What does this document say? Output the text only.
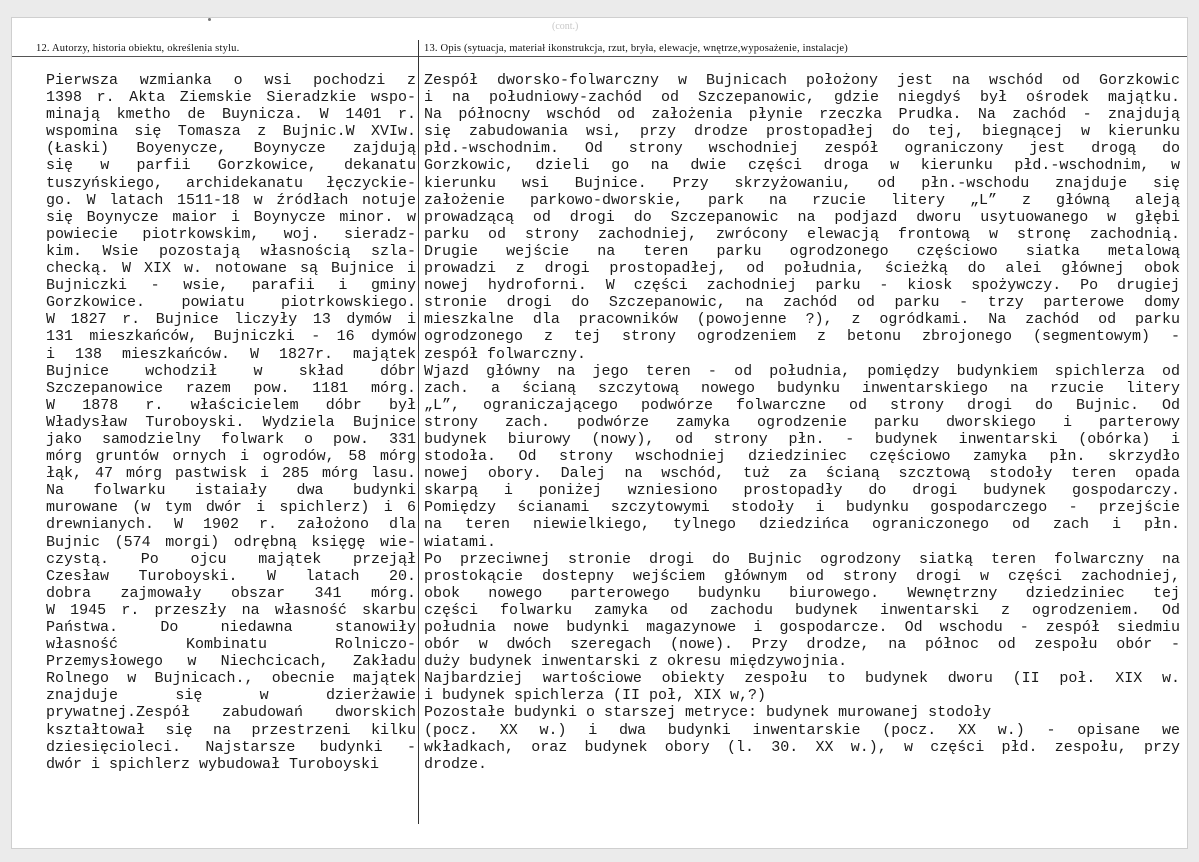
(cont.)
12. Autorzy, historia obiektu, określenia stylu.	13. Opis (sytuacja, materiał ikonstrukcja, rzut, bryła, elewacje, wnętrze,wyposażenie, instalacje)
Pierwsza wzmianka o wsi pochodzi z
1398 r. Akta Ziemskie Sieradzkie wspo-
minają kmetho de Buynicza. W 1401 r.
wspomina się Tomasza z Bujnic.W XVIw.
(Łaski) Boyenycze, Boynycze zajdują
się w parfii Gorzkowice, dekanatu
tuszyńskiego, archidekanatu łęczyckie-
go. W latach 1511-18 w źródłach notuje
się Boynycze maior i Boynycze minor. w
powiecie piotrkowskim, woj. sieradz-
kim. Wsie pozostają własnością szla-
checką. W XIX w. notowane są Bujnice i
Bujniczki - wsie, parafii i gminy
Gorzkowice. powiatu piotrkowskiego.
W 1827 r. Bujnice liczyły 13 dymów i
131 mieszkańców, Bujniczki - 16 dymów
i 138 mieszkańców. W 1827r. majątek
Bujnice wchodził w skład dóbr
Szczepanowice razem pow. 1181 mórg.
W 1878 r. właścicielem dóbr był
Władysław Turoboyski. Wydziela Bujnice
jako samodzielny folwark o pow. 331
mórg gruntów ornych i ogrodów, 58 mórg
łąk, 47 mórg pastwisk i 285 mórg lasu.
Na folwarku istaiały dwa budynki
murowane (w tym dwór i spichlerz) i 6
drewnianych. W 1902 r. założono dla
Bujnic (574 morgi) odrębną księgę wie-
czystą. Po ojcu majątek przejął
Czesław Turoboyski. W latach 20.
dobra zajmowały obszar 341 mórg.
W 1945 r. przeszły na własność skarbu
Państwa. Do niedawna stanowiły
własność Kombinatu Rolniczo-
Przemysłowego w Niechcicach, Zakładu
Rolnego w Bujnicach., obecnie majątek
znajduje się w dzierżawie
prywatnej.Zespół zabudowań dworskich
kształtował się na przestrzeni kilku
dziesięcioleci. Najstarsze budynki -
dwór i spichlerz wybudował Turoboyski
Zespół dworsko-folwarczny w Bujnicach położony jest na wschód od Gorzkowic
i na południowy-zachód od Szczepanowic, gdzie niegdyś był ośrodek majątku.
Na północny wschód od założenia płynie rzeczka Prudka. Na zachód - znajdują
się zabudowania wsi, przy drodze prostopadłej do tej, biegnącej w kierunku
płd.-wschodnim. Od strony wschodniej zespół ograniczony jest drogą do
Gorzkowic, dzieli go na dwie części droga w kierunku płd.-wschodnim, w
kierunku wsi Bujnice. Przy skrzyżowaniu, od płn.-wschodu znajduje się
założenie parkowo-dworskie, park na rzucie litery „L” z główną aleją
prowadzącą od drogi do Szczepanowic na podjazd dworu usytuowanego w głębi
parku od strony zachodniej, zwrócony elewacją frontową w stronę zachodnią.
Drugie wejście na teren parku ogrodzonego częściowo siatka metalową
prowadzi z drogi prostopadłej, od południa, ścieżką do alei głównej obok
nowej hydroforni. W części zachodniej parku - kiosk spożywczy. Po drugiej
stronie drogi do Szczepanowic, na zachód od parku - trzy parterowe domy
mieszkalne dla pracowników (powojenne ?), z ogródkami. Na zachód od parku
ogrodzonego z tej strony ogrodzeniem z betonu zbrojonego (segmentowym) -
zespół folwarczny.
Wjazd główny na jego teren - od południa, pomiędzy budynkiem spichlerza od
zach. a ścianą szczytową nowego budynku inwentarskiego na rzucie litery
„L”, ograniczającego podwórze folwarczne od strony drogi do Bujnic. Od
strony zach. podwórze zamyka ogrodzenie parku dworskiego i parterowy
budynek biurowy (nowy), od strony płn. - budynek inwentarski (obórka) i
stodoła. Od strony wschodniej dziedziniec częściowo zamyka płn. skrzydło
nowej obory. Dalej na wschód, tuż za ścianą szcztową stodoły teren opada
skarpą i poniżej wzniesiono prostopadły do drogi budynek gospodarczy.
Pomiędzy ścianami szczytowymi stodoły i budynku gospodarczego - przejście
na teren niewielkiego, tylnego dziedzińca ograniczonego od zach i płn.
wiatami.
Po przeciwnej stronie drogi do Bujnic ogrodzony siatką teren folwarczny na
prostokącie dostepny wejściem głównym od strony drogi w części zachodniej,
obok nowego parterowego budynku biurowego. Wewnętrzny dziedziniec tej
części folwarku zamyka od zachodu budynek inwentarski z ogrodzeniem. Od
południa nowe budynki magazynowe i gospodarcze. Od wschodu - zespół siedmiu
obór w dwóch szeregach (nowe). Przy drodze, na północ od zespołu obór -
duży budynek inwentarski z okresu międzywojnia.
Najbardziej wartościowe obiekty zespołu to budynek dworu (II poł. XIX w.
i budynek spichlerza (II poł, XIX w,?)
Pozostałe budynki o starszej metryce: budynek murowanej stodoły
(pocz. XX w.) i dwa budynki inwentarskie (pocz. XX w.) - opisane we
wkładkach, oraz budynek obory (l. 30. XX w.), w części płd. zespołu, przy
drodze.
